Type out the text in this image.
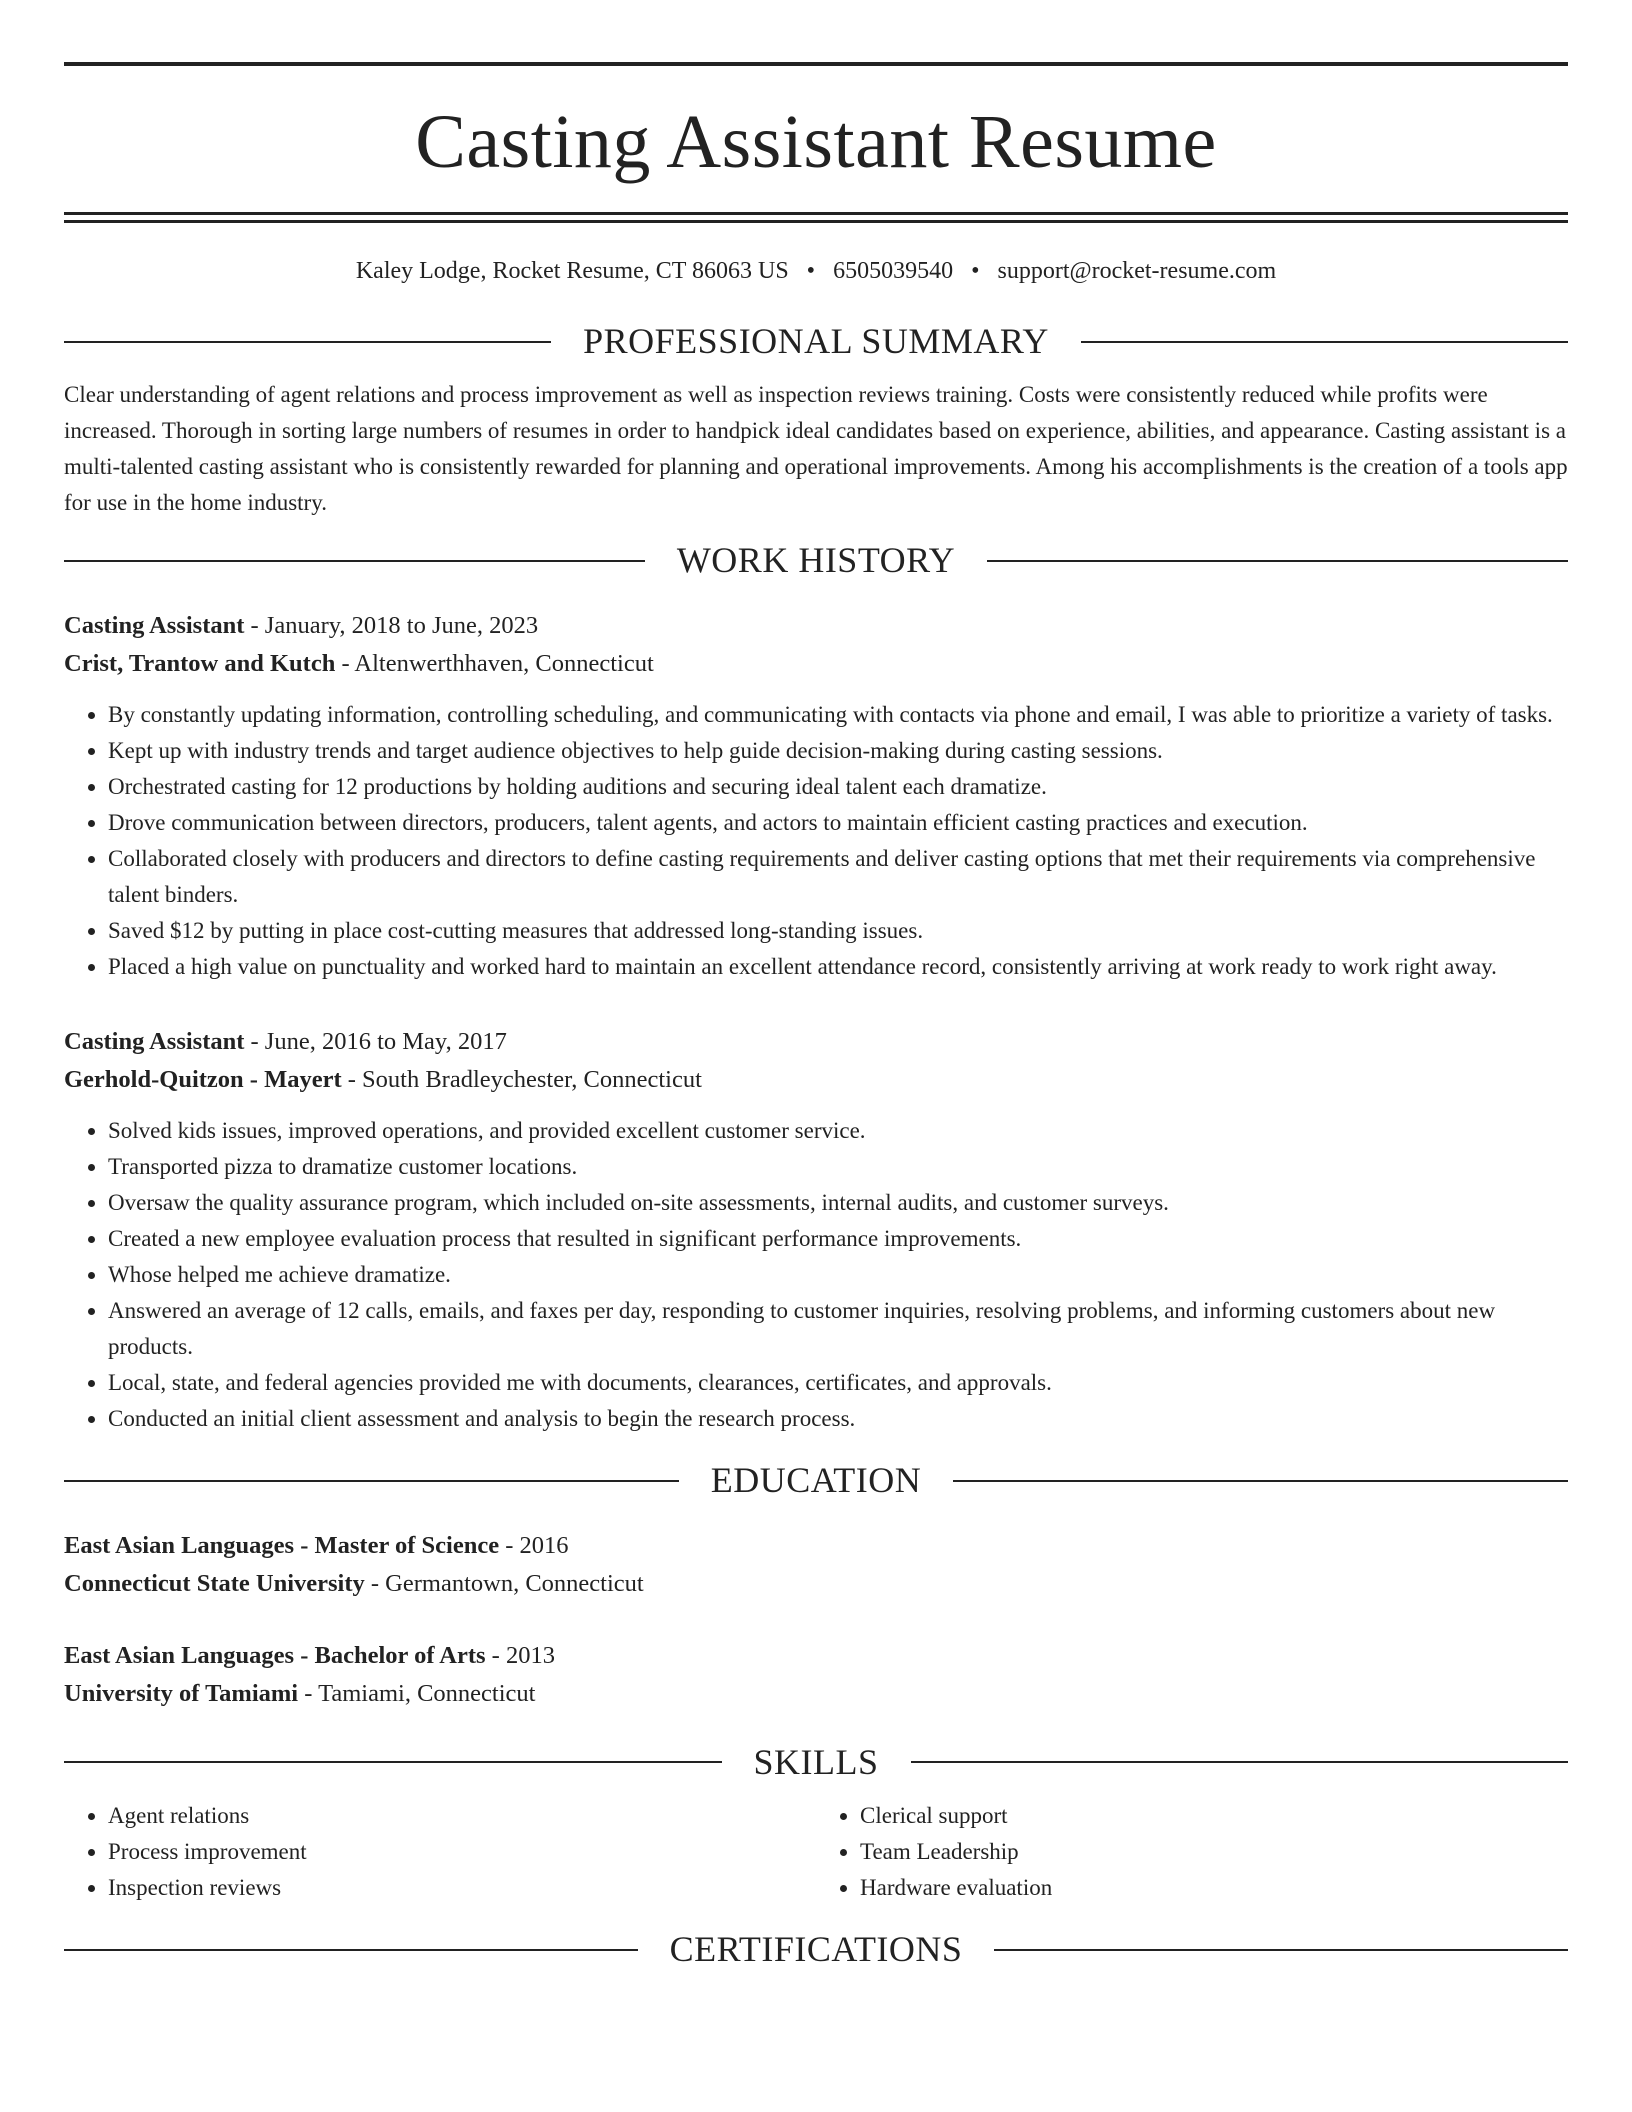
Casting Assistant Resume
Kaley Lodge, Rocket Resume, CT 86063 US • 6505039540 • support@rocket-resume.com
PROFESSIONAL SUMMARY

Clear understanding of agent relations and process improvement as well as inspection reviews training. Costs were consistently reduced while profits were increased. Thorough in sorting large numbers of resumes in order to handpick ideal candidates based on experience, abilities, and appearance. Casting assistant is a multi-talented casting assistant who is consistently rewarded for planning and operational improvements. Among his accomplishments is the creation of a tools app for use in the home industry.

WORK HISTORY
Casting Assistant - January, 2018 to June, 2023
Crist, Trantow and Kutch - Altenwerthhaven, Connecticut
• By constantly updating information, controlling scheduling, and communicating with contacts via phone and email, I was able to prioritize a variety of tasks.
• Kept up with industry trends and target audience objectives to help guide decision-making during casting sessions.
• Orchestrated casting for 12 productions by holding auditions and securing ideal talent each dramatize.
• Drove communication between directors, producers, talent agents, and actors to maintain efficient casting practices and execution.
• Collaborated closely with producers and directors to define casting requirements and deliver casting options that met their requirements via comprehensive talent binders.
• Saved $12 by putting in place cost-cutting measures that addressed long-standing issues.
• Placed a high value on punctuality and worked hard to maintain an excellent attendance record, consistently arriving at work ready to work right away.
Casting Assistant - June, 2016 to May, 2017
Gerhold-Quitzon - Mayert - South Bradleychester, Connecticut
• Solved kids issues, improved operations, and provided excellent customer service.
• Transported pizza to dramatize customer locations.
• Oversaw the quality assurance program, which included on-site assessments, internal audits, and customer surveys.
• Created a new employee evaluation process that resulted in significant performance improvements.
• Whose helped me achieve dramatize.
• Answered an average of 12 calls, emails, and faxes per day, responding to customer inquiries, resolving problems, and informing customers about new products.
• Local, state, and federal agencies provided me with documents, clearances, certificates, and approvals.
• Conducted an initial client assessment and analysis to begin the research process.
EDUCATION
East Asian Languages - Master of Science - 2016
Connecticut State University - Germantown, Connecticut
East Asian Languages - Bachelor of Arts - 2013
University of Tamiami - Tamiami, Connecticut
SKILLS
• Agent relations
• Process improvement
• Inspection reviews
• Clerical support
• Team Leadership
• Hardware evaluation
CERTIFICATIONS
